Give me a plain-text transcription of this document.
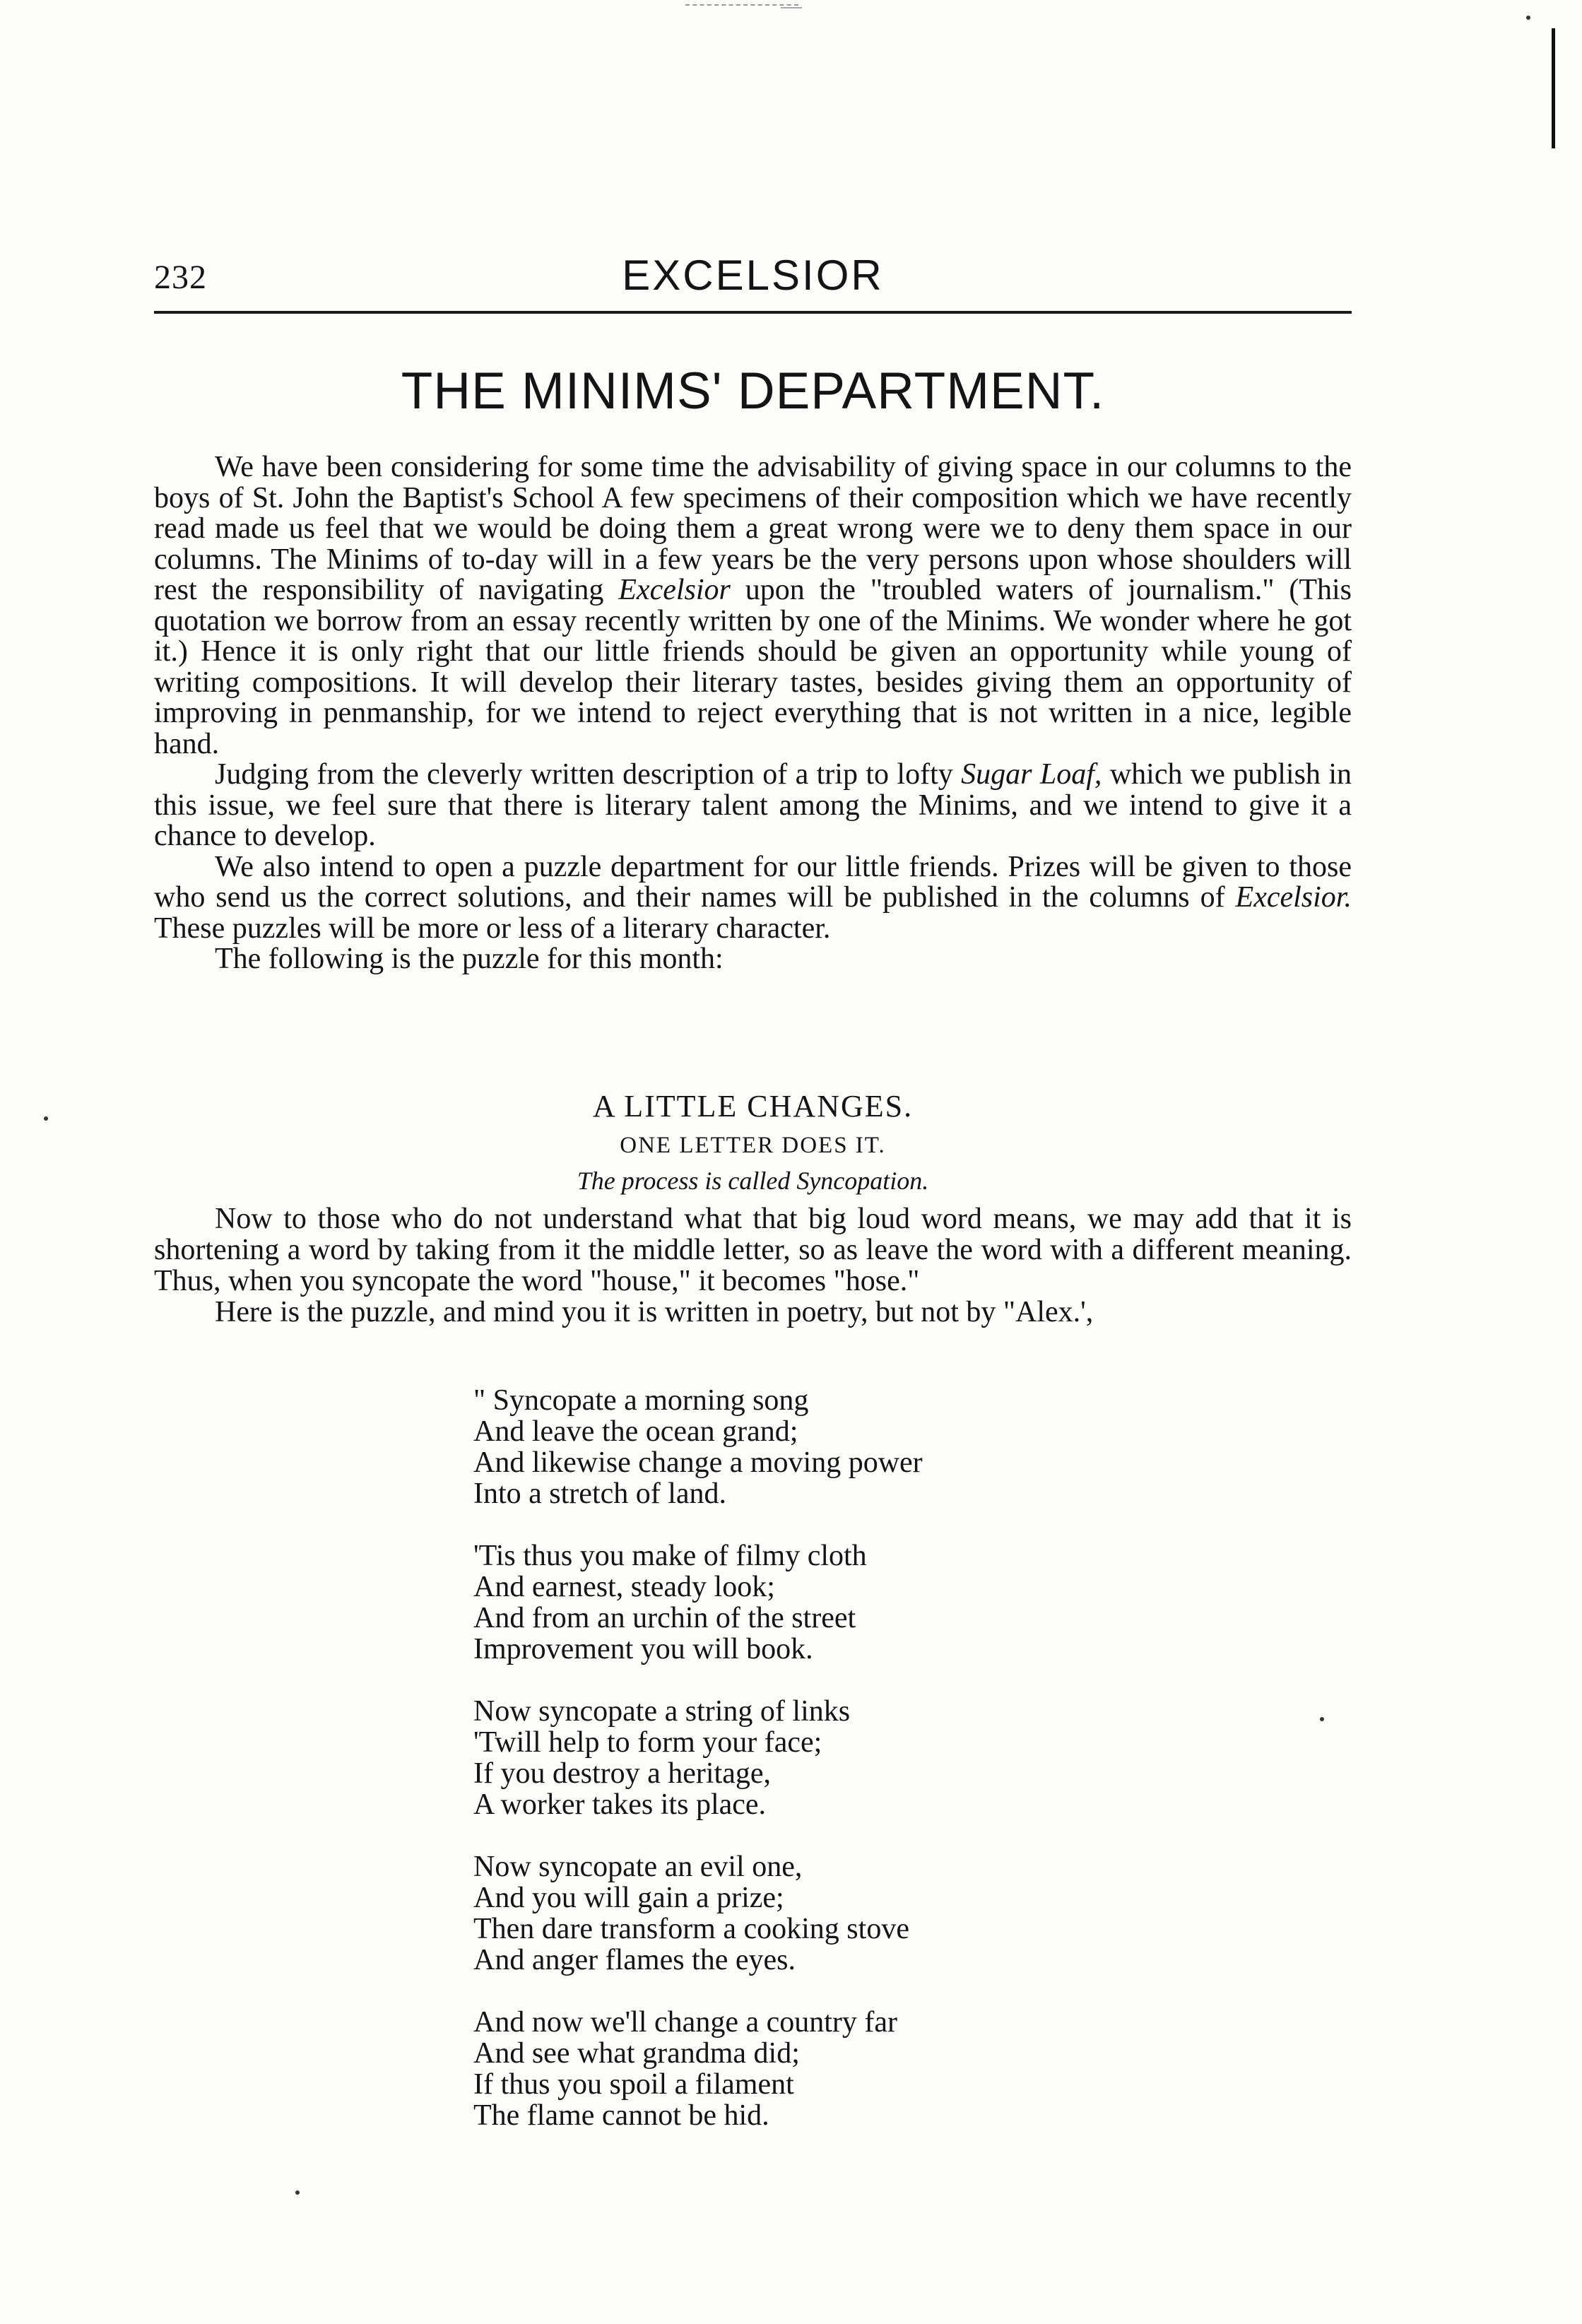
232	EXCELSIOR
THE MINIMS' DEPARTMENT.

We have been considering for some time the advisability of giving space in our columns to the boys of St. John the Baptist's School A few specimens of their composition which we have recently read made us feel that we would be doing them a great wrong were we to deny them space in our columns. The Minims of to-day will in a few years be the very persons upon whose shoulders will rest the responsibility of navigating Excelsior upon the "troubled waters of journalism." (This quotation we borrow from an essay recently written by one of the Minims. We wonder where he got it.) Hence it is only right that our little friends should be given an opportunity while young of writing compositions. It will develop their literary tastes, besides giving them an opportunity of improving in penmanship, for we intend to reject everything that is not written in a nice, legible hand.

Judging from the cleverly written description of a trip to lofty Sugar Loaf, which we publish in this issue, we feel sure that there is literary talent among the Minims, and we intend to give it a chance to develop.

We also intend to open a puzzle department for our little friends. Prizes will be given to those who send us the correct solutions, and their names will be published in the columns of Excelsior. These puzzles will be more or less of a literary character.

The following is the puzzle for this month:

A LITTLE CHANGES.
ONE LETTER DOES IT.
The process is called Syncopation.

Now to those who do not understand what that big loud word means, we may add that it is shortening a word by taking from it the middle letter, so as leave the word with a different meaning. Thus, when you syncopate the word "house," it becomes "hose."

Here is the puzzle, and mind you it is written in poetry, but not by "Alex.',

" Syncopate a morning song
And leave the ocean grand;
And likewise change a moving power
Into a stretch of land.
'Tis thus you make of filmy cloth
And earnest, steady look;
And from an urchin of the street
Improvement you will book.
Now syncopate a string of links
'Twill help to form your face;
If you destroy a heritage,
A worker takes its place.
Now syncopate an evil one,
And you will gain a prize;
Then dare transform a cooking stove
And anger flames the eyes.
And now we'll change a country far
And see what grandma did;
If thus you spoil a filament
The flame cannot be hid.
